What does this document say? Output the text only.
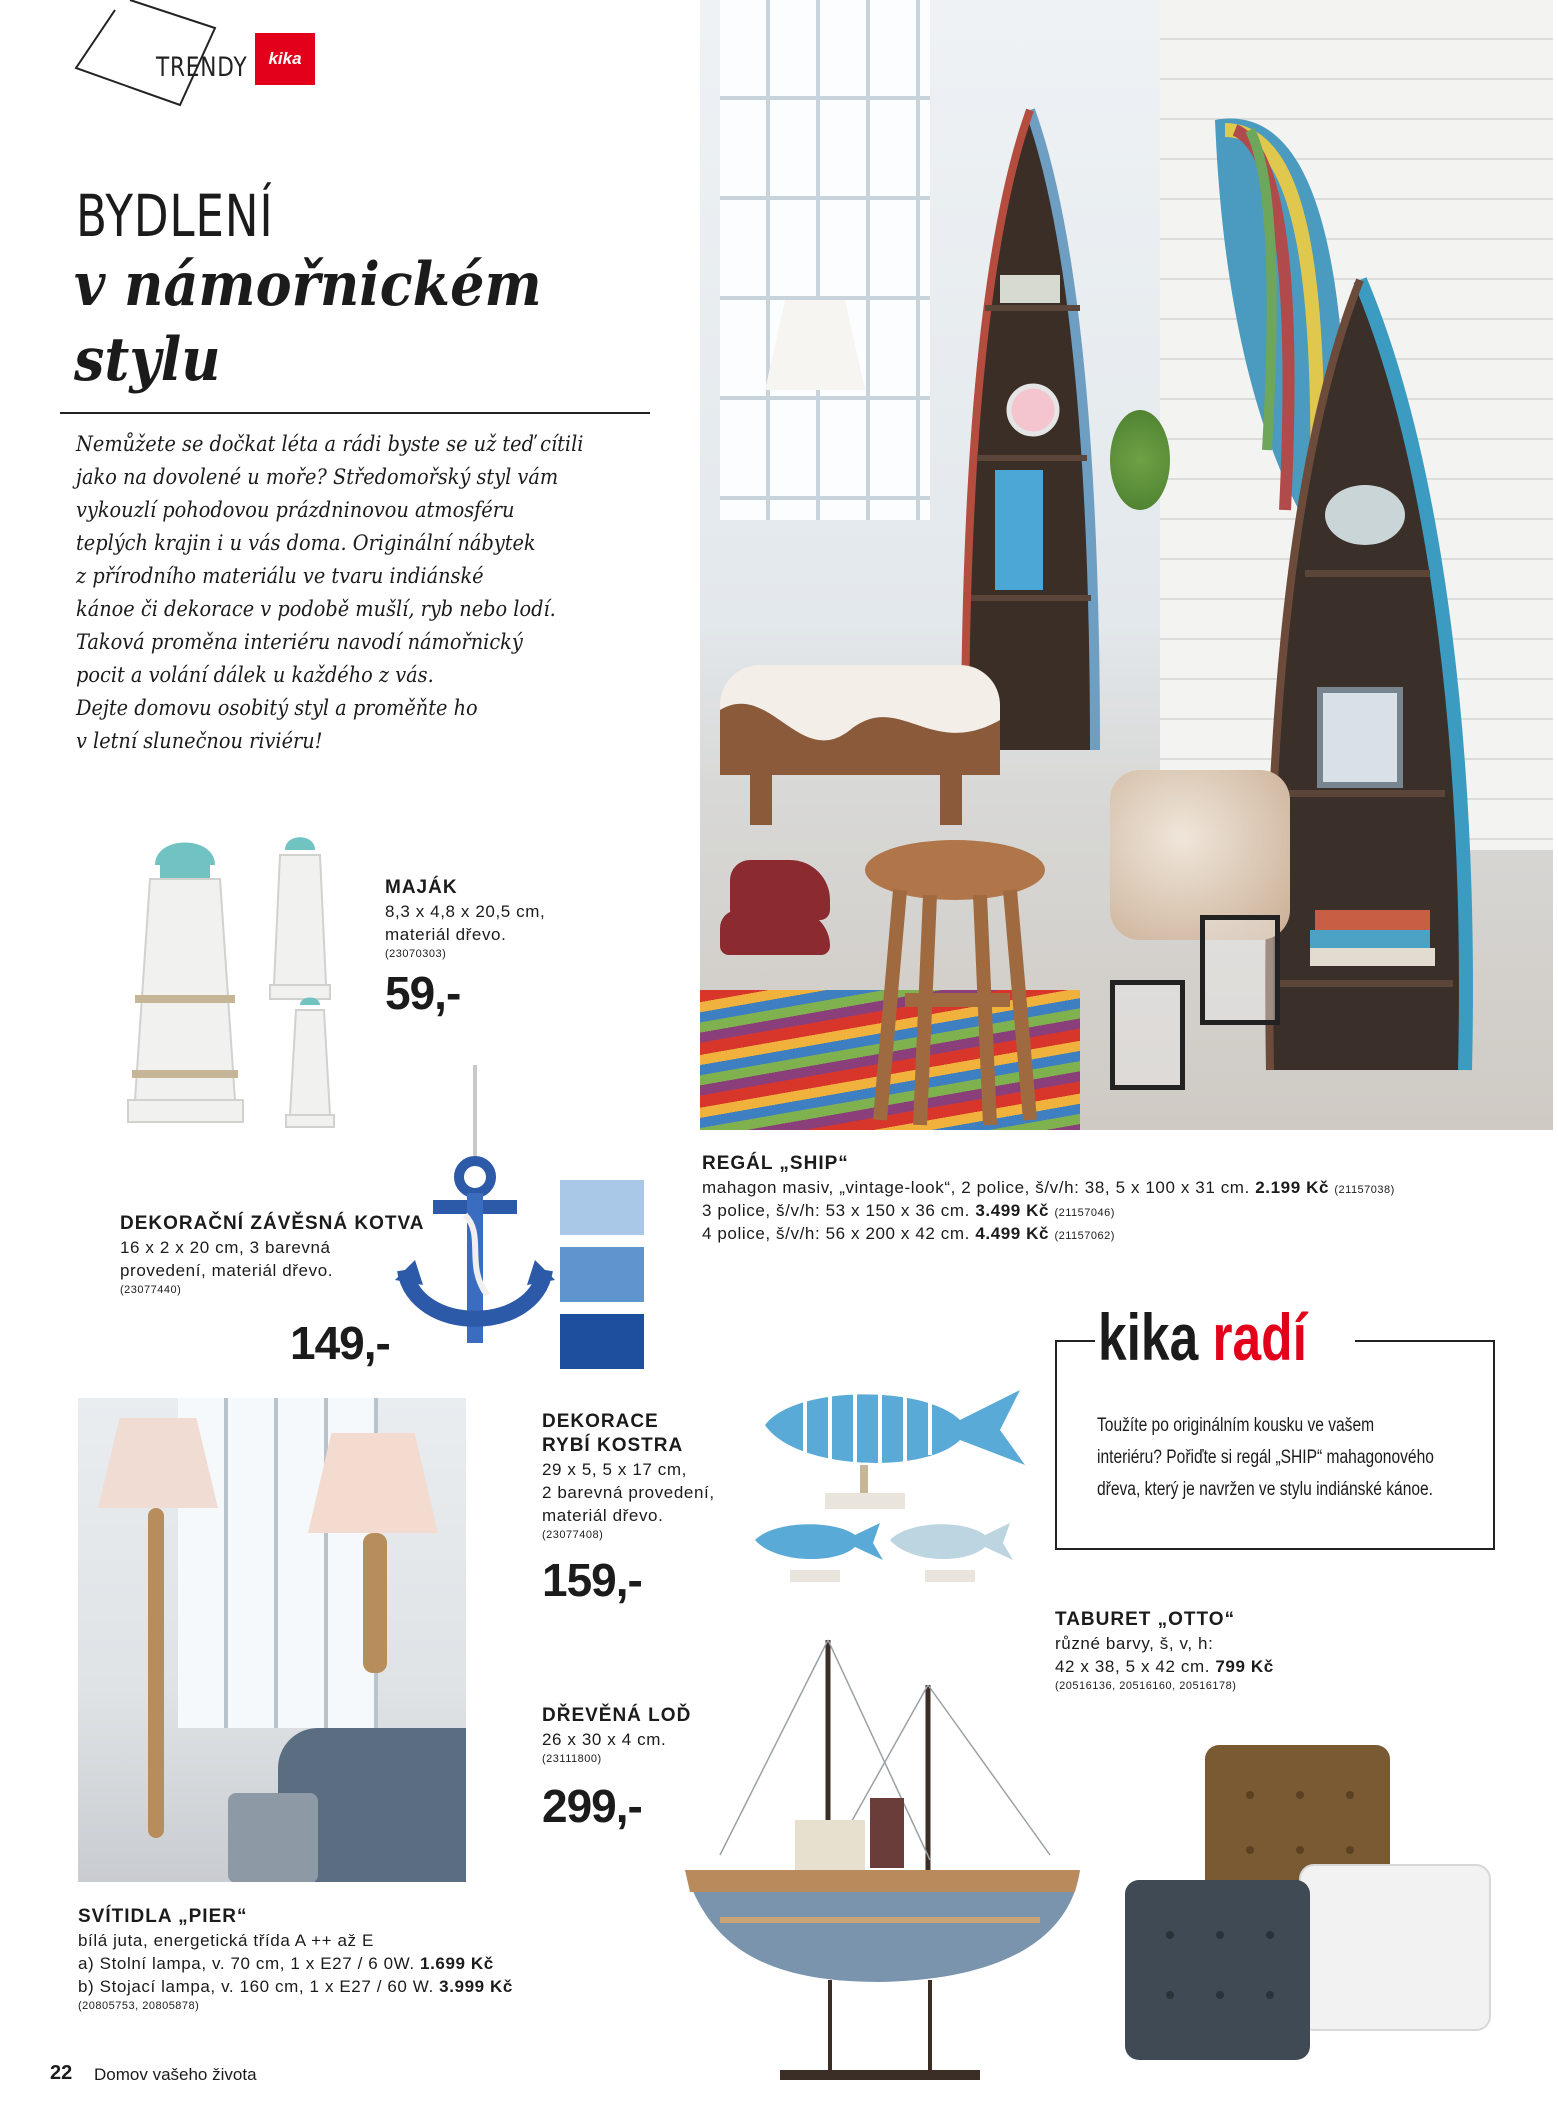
TRENDY kika
BYDLENÍ
v námořnickém
stylu
Nemůžete se dočkat léta a rádi byste se už teď cítili
jako na dovolené u moře? Středomořský styl vám
vykouzlí pohodovou prázdninovou atmosféru
teplých krajin i u vás doma. Originální nábytek
z přírodního materiálu ve tvaru indiánské
kánoe či dekorace v podobě mušlí, ryb nebo lodí.
Taková proměna interiéru navodí námořnický
pocit a volání dálek u každého z vás.
Dejte domovu osobitý styl a proměňte ho
v letní slunečnou riviéru!
MAJÁK
8,3 x 4,8 x 20,5 cm,
materiál dřevo.
(23070303)
59,-
DEKORAČNÍ ZÁVĚSNÁ KOTVA
16 x 2 x 20 cm, 3 barevná
provedení, materiál dřevo.
(23077440)
149,-
REGÁL „SHIP“
mahagon masiv, „vintage-look“, 2 police, š/v/h: 38, 5 x 100 x 31 cm. 2.199 Kč (21157038)
3 police, š/v/h: 53 x 150 x 36 cm. 3.499 Kč (21157046)
4 police, š/v/h: 56 x 200 x 42 cm. 4.499 Kč (21157062)
kika radí
Toužíte po originálním kousku ve vašem
interiéru? Pořiďte si regál „SHIP“ mahagonového
dřeva, který je navržen ve stylu indiánské kánoe.
SVÍTIDLA „PIER“
bílá juta, energetická třída A ++ až E
a) Stolní lampa, v. 70 cm, 1 x E27 / 6 0W. 1.699 Kč
b) Stojací lampa, v. 160 cm, 1 x E27 / 60 W. 3.999 Kč
(20805753, 20805878)
DEKORACE
RYBÍ KOSTRA
29 x 5, 5 x 17 cm,
2 barevná provedení,
materiál dřevo.
(23077408)
159,-
DŘEVĚNÁ LOĎ
26 x 30 x 4 cm.
(23111800)
299,-
TABURET „OTTO“
různé barvy, š, v, h:
42 x 38, 5 x 42 cm. 799 Kč
(20516136, 20516160, 20516178)
22 Domov vašeho života
